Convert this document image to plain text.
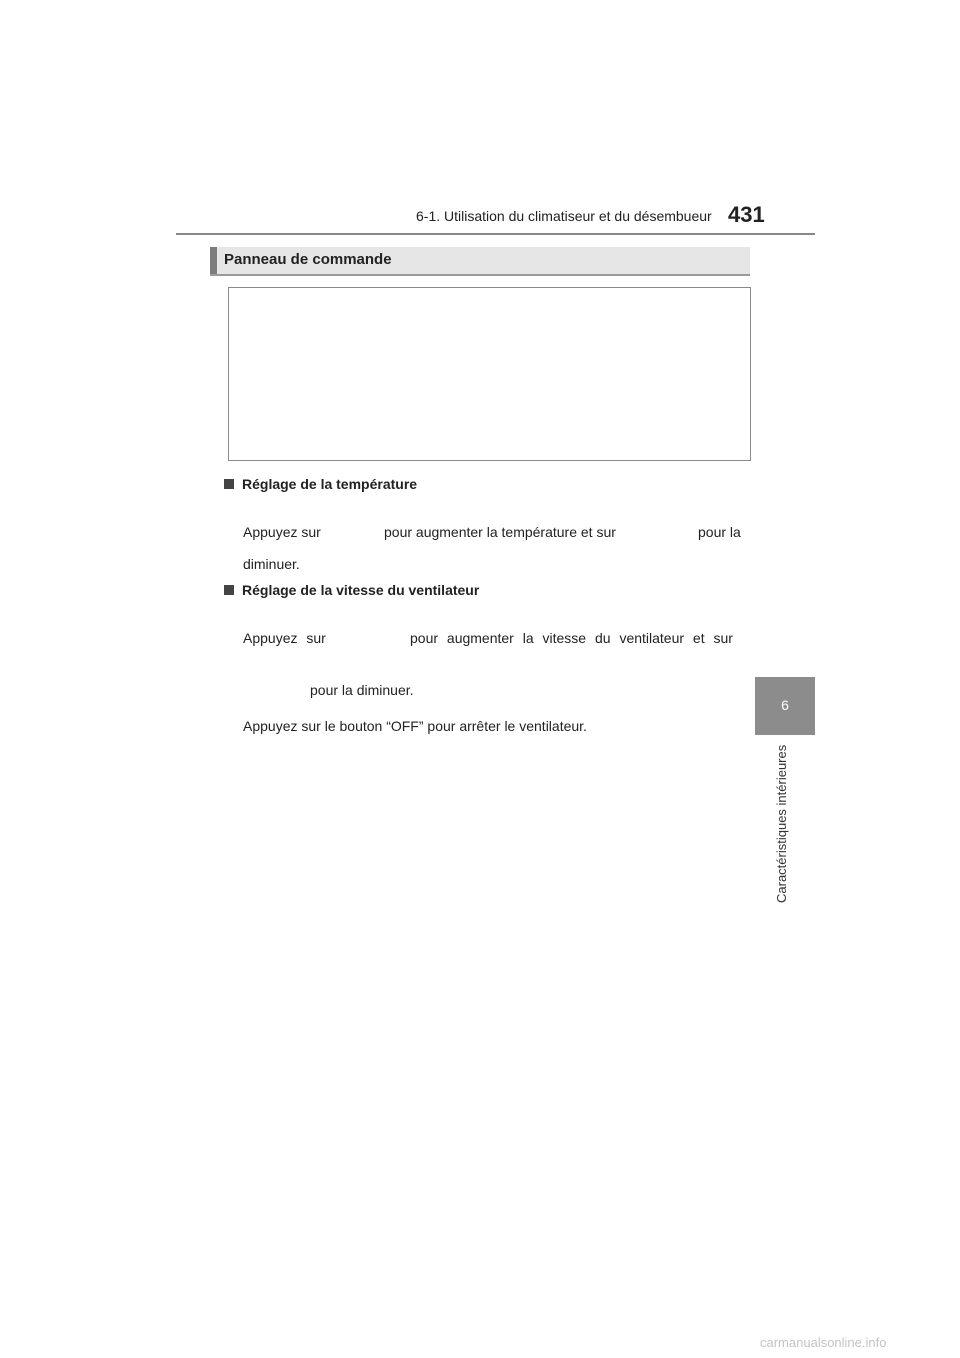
6-1. Utilisation du climatiseur et du désembueur 431
Panneau de commande
Réglage de la température
Appuyez sur	pour augmenter la température et sur	pour la
diminuer.
Réglage de la vitesse du ventilateur
Appuyez sur	pour augmenter la vitesse du ventilateur et sur
pour la diminuer.
Appuyez sur le bouton “OFF” pour arrêter le ventilateur.
6
Caractéristiques intérieures
carmanualsonline.info
